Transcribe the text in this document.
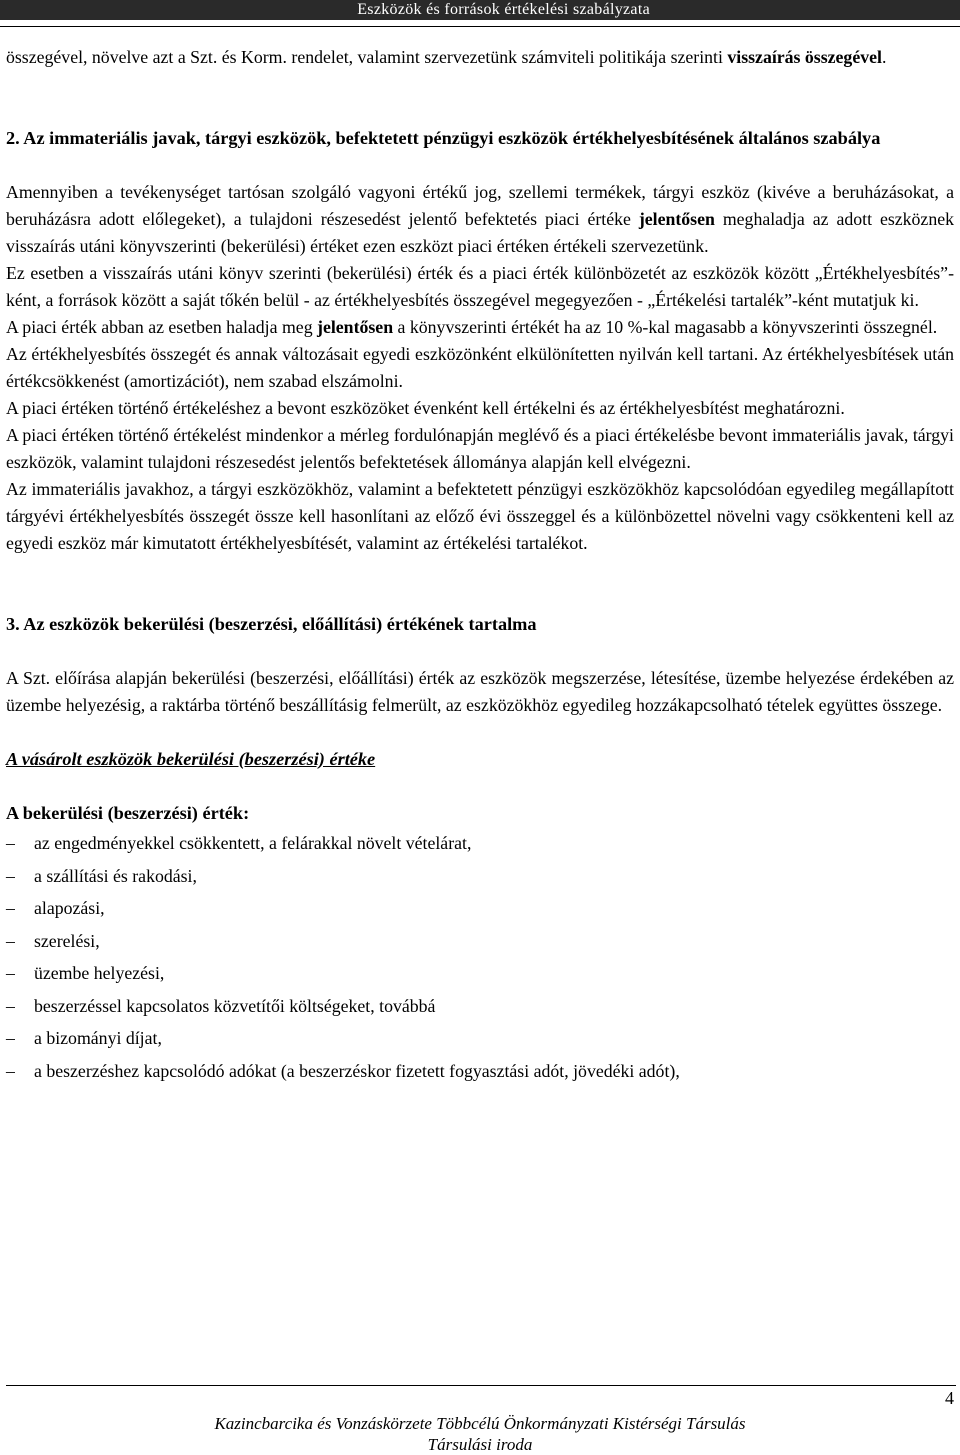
Eszközök és források értékelési szabályzata

összegével, növelve azt a Szt. és Korm. rendelet, valamint szervezetünk számviteli politikája szerinti visszaírás összegével.

2. Az immateriális javak, tárgyi eszközök, befektetett pénzügyi eszközök értékhelyesbítésének általános szabálya

Amennyiben a tevékenységet tartósan szolgáló vagyoni értékű jog, szellemi termékek, tárgyi eszköz (kivéve a beruházásokat, a beruházásra adott előlegeket), a tulajdoni részesedést jelentő befektetés piaci értéke jelentősen meghaladja az adott eszköznek visszaírás utáni könyvszerinti (bekerülési) értéket ezen eszközt piaci értéken értékeli szervezetünk.

Ez esetben a visszaírás utáni könyv szerinti (bekerülési) érték és a piaci érték különbözetét az eszközök között „Értékhelyesbítés”-ként, a források között a saját tőkén belül - az értékhelyesbítés összegével megegyezően - „Értékelési tartalék”-ként mutatjuk ki.

A piaci érték abban az esetben haladja meg jelentősen a könyvszerinti értékét ha az 10 %-kal magasabb a könyvszerinti összegnél.

Az értékhelyesbítés összegét és annak változásait egyedi eszközönként elkülönítetten nyilván kell tartani. Az értékhelyesbítések után értékcsökkenést (amortizációt), nem szabad elszámolni.

A piaci értéken történő értékeléshez a bevont eszközöket évenként kell értékelni és az értékhelyesbítést meghatározni.

A piaci értéken történő értékelést mindenkor a mérleg fordulónapján meglévő és a piaci értékelésbe bevont immateriális javak, tárgyi eszközök, valamint tulajdoni részesedést jelentős befektetések állománya alapján kell elvégezni.

Az immateriális javakhoz, a tárgyi eszközökhöz, valamint a befektetett pénzügyi eszközökhöz kapcsolódóan egyedileg megállapított tárgyévi értékhelyesbítés összegét össze kell hasonlítani az előző évi összeggel és a különbözettel növelni vagy csökkenteni kell az egyedi eszköz már kimutatott értékhelyesbítését, valamint az értékelési tartalékot.

3. Az eszközök bekerülési (beszerzési, előállítási) értékének tartalma

A Szt. előírása alapján bekerülési (beszerzési, előállítási) érték az eszközök megszerzése, létesítése, üzembe helyezése érdekében az üzembe helyezésig, a raktárba történő beszállításig felmerült, az eszközökhöz egyedileg hozzákapcsolható tételek együttes összege.

A vásárolt eszközök bekerülési (beszerzési) értéke

A bekerülési (beszerzési) érték:

–	az engedményekkel csökkentett, a felárakkal növelt vételárat,
–	a szállítási és rakodási,
–	alapozási,
–	szerelési,
–	üzembe helyezési,
–	beszerzéssel kapcsolatos közvetítői költségeket, továbbá
–	a bizományi díjat,
–	a beszerzéshez kapcsolódó adókat (a beszerzéskor fizetett fogyasztási adót, jövedéki adót),
4
Kazincbarcika és Vonzáskörzete Többcélú Önkormányzati Kistérségi Társulás
Társulási iroda
